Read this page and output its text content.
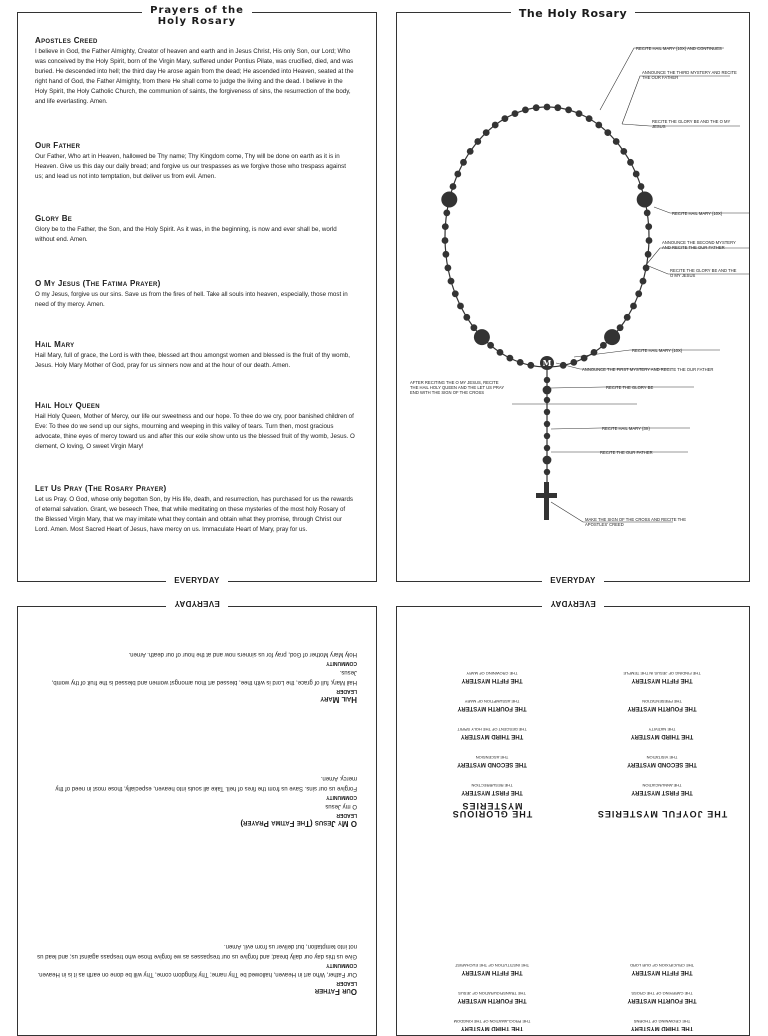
Prayers of the
Holy Rosary
Apostles Creed

I believe in God, the Father Almighty, Creator of heaven and earth and in Jesus Christ, His only Son, our Lord; Who was conceived by the Holy Spirit, born of the Virgin Mary, suffered under Pontius Pilate, was crucified, died, and was buried. He descended into hell; the third day He arose again from the dead; He ascended into Heaven, seated at the right hand of God, the Father Almighty, from there He shall come to judge the living and the dead. I believe in the Holy Spirit, the Holy Catholic Church, the communion of saints, the forgiveness of sins, the resurrection of the body, and life everlasting. Amen.

Our Father

Our Father, Who art in Heaven, hallowed be Thy name; Thy Kingdom come, Thy will be done on earth as it is in Heaven. Give us this day our daily bread; and forgive us our trespasses as we forgive those who trespass against us; and lead us not into temptation, but deliver us from evil. Amen.

Glory Be

Glory be to the Father, the Son, and the Holy Spirit. As it was, in the beginning, is now and ever shall be, world without end. Amen.

O My Jesus (The Fatima Prayer)

O my Jesus, forgive us our sins. Save us from the fires of hell. Take all souls into heaven, especially, those most in need of thy mercy. Amen.

Hail Mary

Hail Mary, full of grace, the Lord is with thee, blessed art thou amongst women and blessed is the fruit of thy womb, Jesus. Holy Mary Mother of God, pray for us sinners now and at the hour of our death. Amen.

Hail Holy Queen

Hail Holy Queen, Mother of Mercy, our life our sweetness and our hope. To thee do we cry, poor banished children of Eve: To thee do we send up our sighs, mourning and weeping in this valley of tears. Turn then, most gracious advocate, thine eyes of mercy toward us and after this our exile show unto us the blessed fruit of thy womb, Jesus. O clement, O loving, O sweet Virgin Mary!

Let Us Pray (The Rosary Prayer)

Let us Pray. O God, whose only begotten Son, by His life, death, and resurrection, has purchased for us the rewards of eternal salvation. Grant, we beseech Thee, that while meditating on these mysteries of the most holy Rosary of the Blessed Virgin Mary, that we may imitate what they contain and obtain what they promise, through Christ our Lord. Amen. Most Sacred Heart of Jesus, have mercy on us. Immaculate Heart of Mary, pray for us.

EVERYDAY
The Holy Rosary
M
RECITE HAIL MARY (10X) AND CONTINUES
ANNOUNCE THE THIRD MYSTERY AND RECITE THE OUR FATHER
RECITE THE GLORY BE AND THE O MY JESUS
RECITE HAIL MARY (10X)
ANNOUNCE THE SECOND MYSTERY AND RECITE THE OUR FATHER
RECITE THE GLORY BE AND THE O MY JESUS
RECITE HAIL MARY (10X)
ANNOUNCE THE FIRST MYSTERY AND RECITE THE OUR FATHER
RECITE THE GLORY BE
RECITE HAIL MARY (3X)
RECITE THE OUR FATHER
MAKE THE SIGN OF THE CROSS AND RECITE THE APOSTLES' CREED
AFTER RECITING THE O MY JESUS, RECITE THE HAIL HOLY QUEEN AND THE LET US PRAY END WITH THE SIGN OF THE CROSS
EVERYDAY
EVERYDAY
Hail Mary
LEADER

Hail Mary, full of grace, the Lord is with thee, blessed art thou amongst women and blessed is the fruit of thy womb, Jesus.

COMMUNITY

Holy Mary Mother of God, pray for us sinners now and at the hour of our death. Amen.

O My Jesus (The Fatima Prayer)
LEADER

O my Jesus

COMMUNITY

Forgive us our sins. Save us from the fires of hell. Take all souls into heaven, especially, those most in need of thy mercy. Amen.

Our Father
LEADER

Our Father, Who art in Heaven, hallowed be Thy name; Thy Kingdom come, Thy will be done on earth as it is in Heaven.

COMMUNITY

Give us this day our daily bread; and forgive us our trespasses as we forgive those who trespass against us; and lead us not into temptation, but deliver us from evil. Amen.

EVERYDAY
THE GLORIOUS MYSTERIES
THE FIRST MYSTERY
THE RESURRECTION
THE SECOND MYSTERY
THE ASCENSION
THE THIRD MYSTERY
THE DESCENT OF THE HOLY SPIRIT
THE FOURTH MYSTERY
THE ASSUMPTION OF MARY
THE FIFTH MYSTERY
THE CROWNING OF MARY
THE JOYFUL MYSTERIES
THE FIRST MYSTERY
THE ANNUNCIATION
THE SECOND MYSTERY
THE VISITATION
THE THIRD MYSTERY
THE NATIVITY
THE FOURTH MYSTERY
THE PRESENTATION
THE FIFTH MYSTERY
THE FINDING OF JESUS IN THE TEMPLE
THE THIRD MYSTERY
THE PROCLAMATION OF THE KINGDOM
THE FOURTH MYSTERY
THE TRANSFIGURATION OF JESUS
THE FIFTH MYSTERY
THE INSTITUTION OF THE EUCHARIST
THE THIRD MYSTERY
THE CROWNING OF THORNS
THE FOURTH MYSTERY
THE CARRYING OF THE CROSS
THE FIFTH MYSTERY
THE CRUCIFIXION OF OUR LORD
